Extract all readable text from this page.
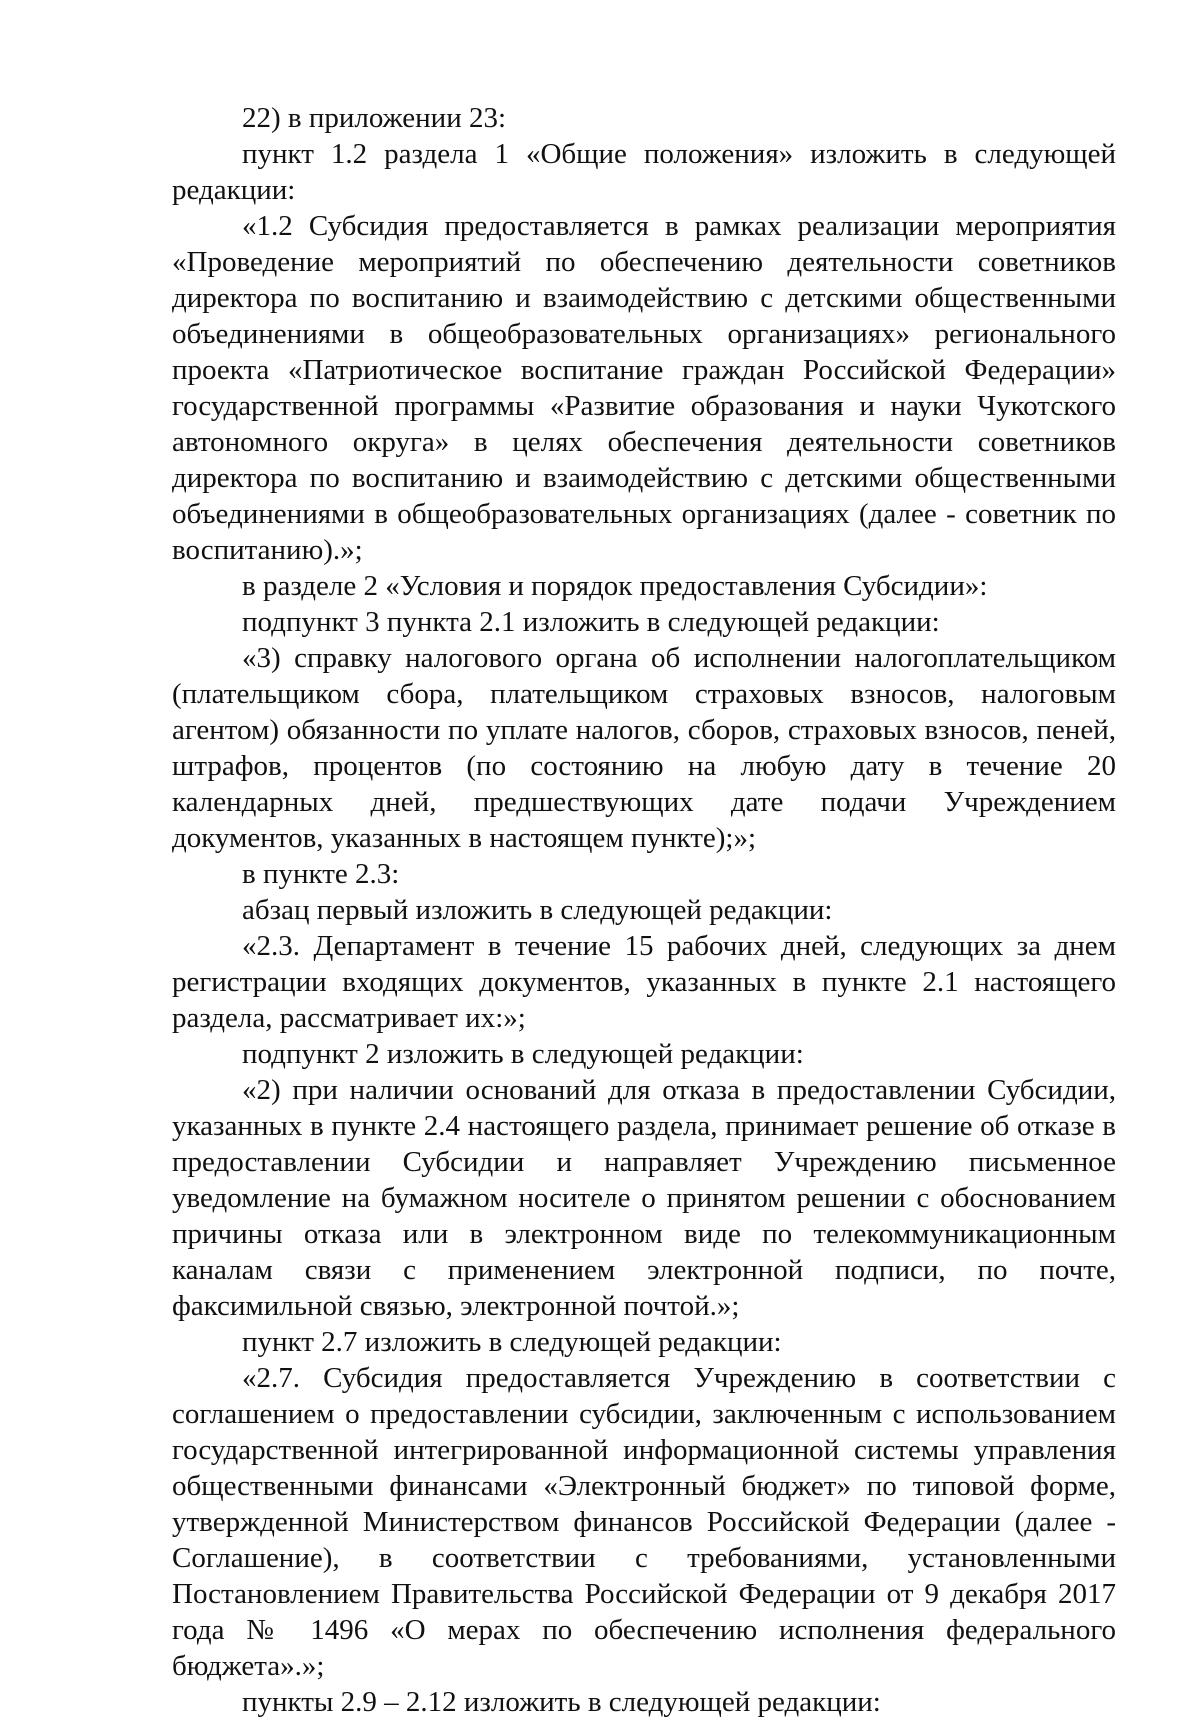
22) в приложении 23:

пункт 1.2 раздела 1 «Общие положения» изложить в следующей редакции:

«1.2 Субсидия предоставляется в рамках реализации мероприятия «Проведение мероприятий по обеспечению деятельности советников директора по воспитанию и взаимодействию с детскими общественными объединениями в общеобразовательных организациях» регионального проекта «Патриотическое воспитание граждан Российской Федерации» государственной программы «Развитие образования и науки Чукотского автономного округа» в целях обеспечения деятельности советников директора по воспитанию и взаимодействию с детскими общественными объединениями в общеобразовательных организациях (далее - советник по воспитанию).»;

в разделе 2 «Условия и порядок предоставления Субсидии»:

подпункт 3 пункта 2.1 изложить в следующей редакции:

«3) справку налогового органа об исполнении налогоплательщиком (плательщиком сбора, плательщиком страховых взносов, налоговым агентом) обязанности по уплате налогов, сборов, страховых взносов, пеней, штрафов, процентов (по состоянию на любую дату в течение 20 календарных дней, предшествующих дате подачи Учреждением документов, указанных в настоящем пункте);»;

в пункте 2.3:

абзац первый изложить в следующей редакции:

«2.3. Департамент в течение 15 рабочих дней, следующих за днем регистрации входящих документов, указанных в пункте 2.1 настоящего раздела, рассматривает их:»;

подпункт 2 изложить в следующей редакции:

«2) при наличии оснований для отказа в предоставлении Субсидии, указанных в пункте 2.4 настоящего раздела, принимает решение об отказе в предоставлении Субсидии и направляет Учреждению письменное уведомление на бумажном носителе о принятом решении с обоснованием причины отказа или в электронном виде по телекоммуникационным каналам связи с применением электронной подписи, по почте, факсимильной связью, электронной почтой.»;

пункт 2.7 изложить в следующей редакции:

«2.7. Субсидия предоставляется Учреждению в соответствии с соглашением о предоставлении субсидии, заключенным с использованием государственной интегрированной информационной системы управления общественными финансами «Электронный бюджет» по типовой форме, утвержденной Министерством финансов Российской Федерации (далее - Соглашение), в соответствии с требованиями, установленными Постановлением Правительства Российской Федерации от 9 декабря 2017 года № 1496 «О мерах по обеспечению исполнения федерального бюджета».»;

пункты 2.9 – 2.12 изложить в следующей редакции:
